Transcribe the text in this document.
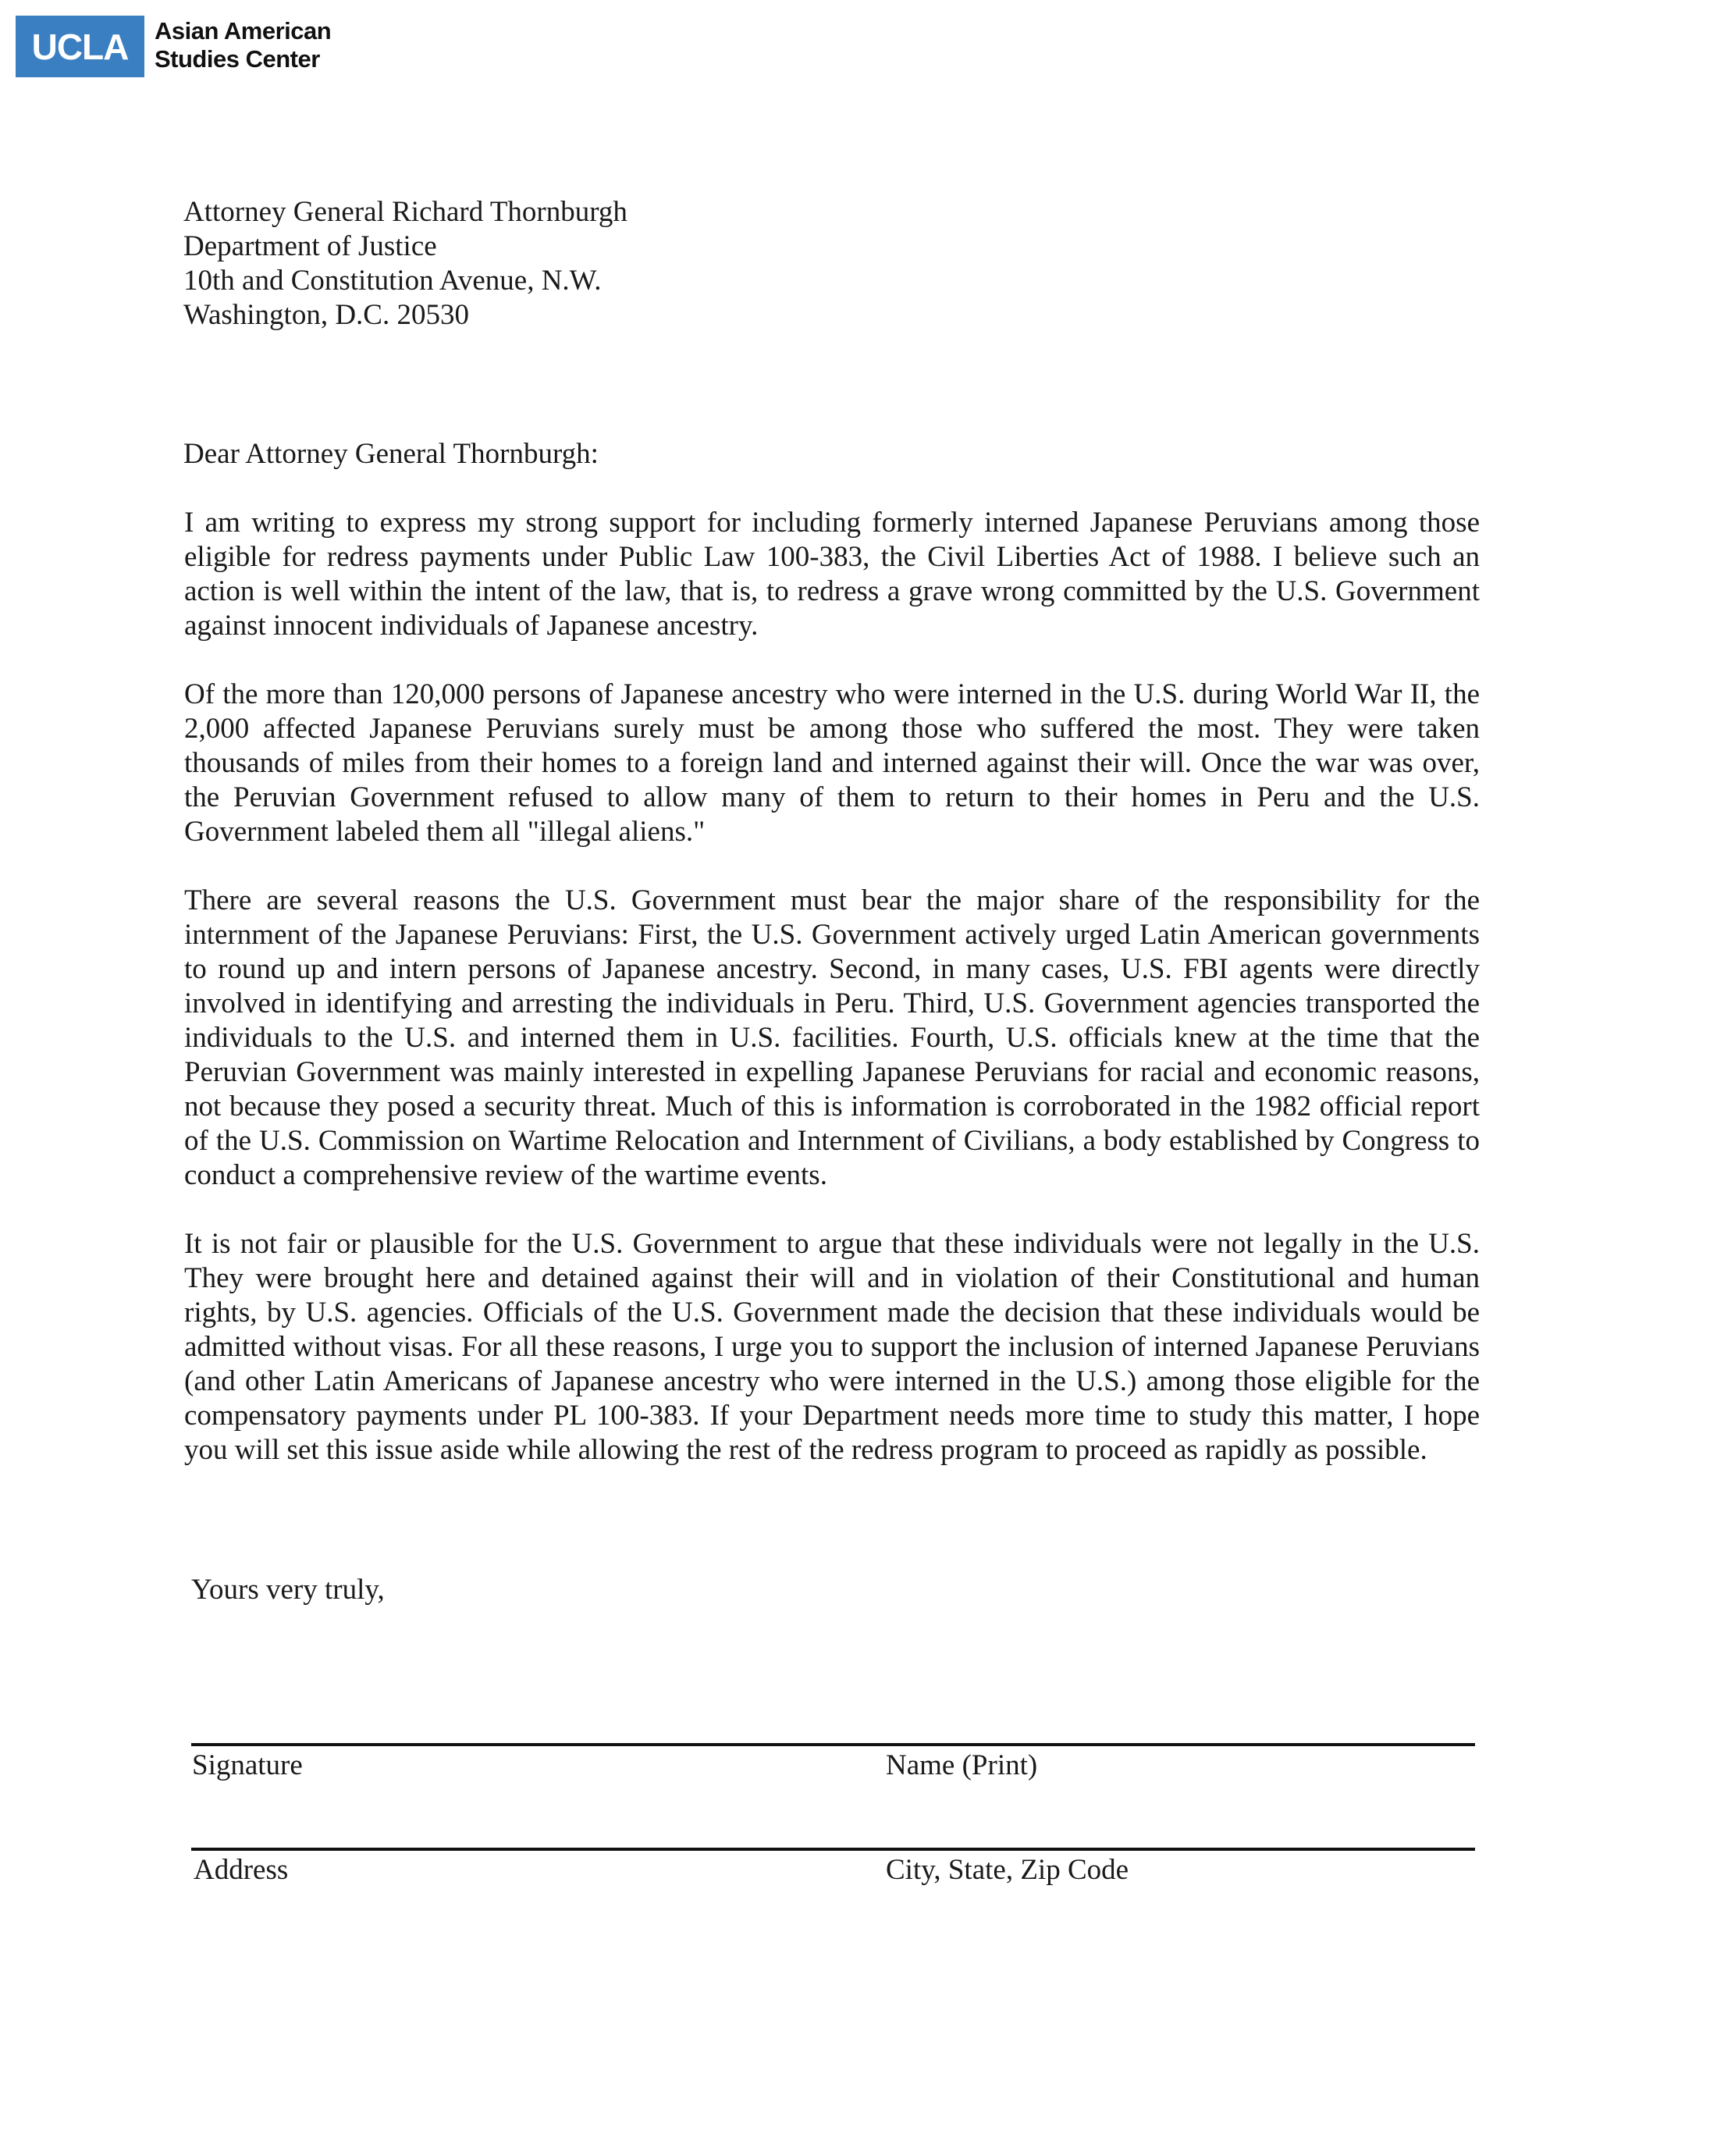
UCLA	Asian American
Studies Center
Attorney General Richard Thornburgh
Department of Justice
10th and Constitution Avenue, N.W.
Washington, D.C. 20530
Dear Attorney General Thornburgh:

I am writing to express my strong support for including formerly interned Japanese Peruvians among those eligible for redress payments under Public Law 100-383, the Civil Liberties Act of 1988. I believe such an action is well within the intent of the law, that is, to redress a grave wrong committed by the U.S. Government against innocent individuals of Japanese ancestry.

Of the more than 120,000 persons of Japanese ancestry who were interned in the U.S. during World War II, the 2,000 affected Japanese Peruvians surely must be among those who suffered the most. They were taken thousands of miles from their homes to a foreign land and interned against their will. Once the war was over, the Peruvian Government refused to allow many of them to return to their homes in Peru and the U.S. Government labeled them all "illegal aliens."

There are several reasons the U.S. Government must bear the major share of the responsibility for the internment of the Japanese Peruvians: First, the U.S. Government actively urged Latin American governments to round up and intern persons of Japanese ancestry. Second, in many cases, U.S. FBI agents were directly involved in identifying and arresting the individuals in Peru. Third, U.S. Government agencies transported the individuals to the U.S. and interned them in U.S. facilities. Fourth, U.S. officials knew at the time that the Peruvian Government was mainly interested in expelling Japanese Peruvians for racial and economic reasons, not because they posed a security threat. Much of this is information is corroborated in the 1982 official report of the U.S. Commission on Wartime Relocation and Internment of Civilians, a body established by Congress to conduct a comprehensive review of the wartime events.

It is not fair or plausible for the U.S. Government to argue that these individuals were not legally in the U.S. They were brought here and detained against their will and in violation of their Constitutional and human rights, by U.S. agencies. Officials of the U.S. Government made the decision that these individuals would be admitted without visas. For all these reasons, I urge you to support the inclusion of interned Japanese Peruvians (and other Latin Americans of Japanese ancestry who were interned in the U.S.) among those eligible for the compensatory payments under PL 100-383. If your Department needs more time to study this matter, I hope you will set this issue aside while allowing the rest of the redress program to proceed as rapidly as possible.

Yours very truly,
Signature	Name (Print)
Address	City, State, Zip Code
